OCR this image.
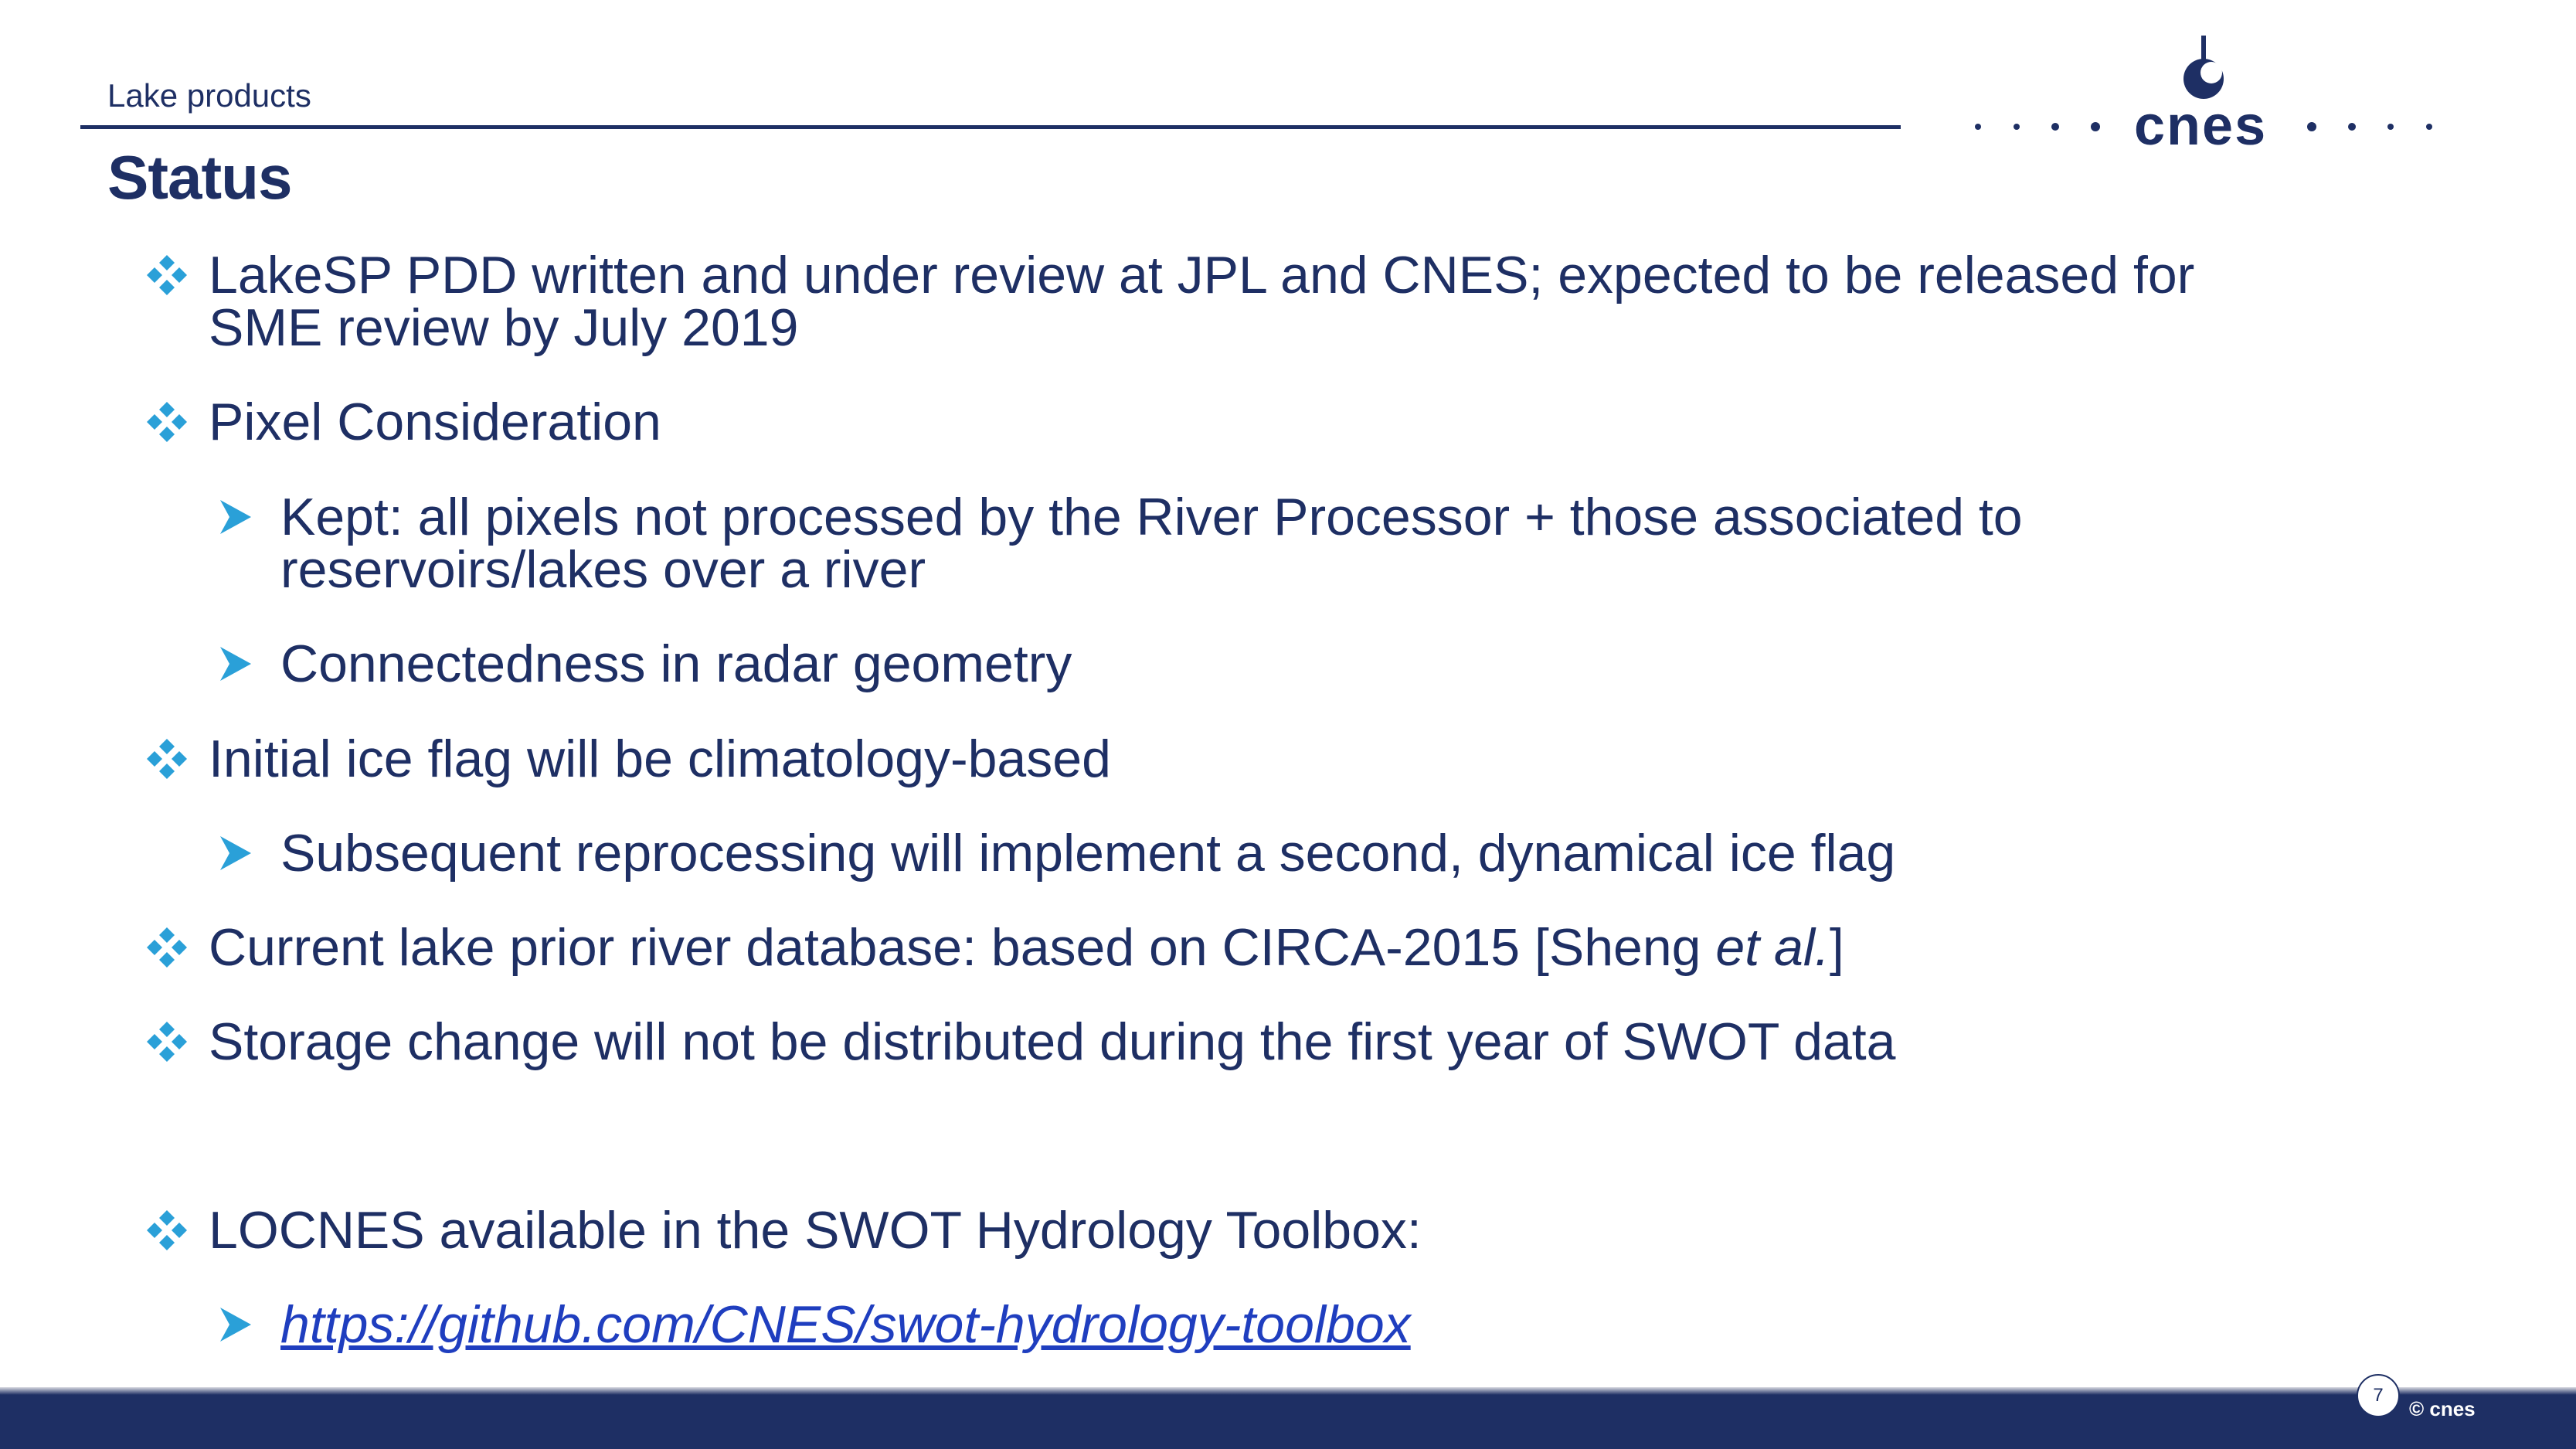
Lake products
Status
cnes
LakeSP PDD written and under review at JPL and CNES; expected to be released for
SME review by July 2019
Pixel Consideration
Kept: all pixels not processed by the River Processor + those associated to
reservoirs/lakes over a river
Connectedness in radar geometry
Initial ice flag will be climatology-based
Subsequent reprocessing will implement a second, dynamical ice flag
Current lake prior river database: based on CIRCA-2015 [Sheng et al.]
Storage change will not be distributed during the first year of SWOT data
LOCNES available in the SWOT Hydrology Toolbox:
https://github.com/CNES/swot-hydrology-toolbox
7
© cnes
